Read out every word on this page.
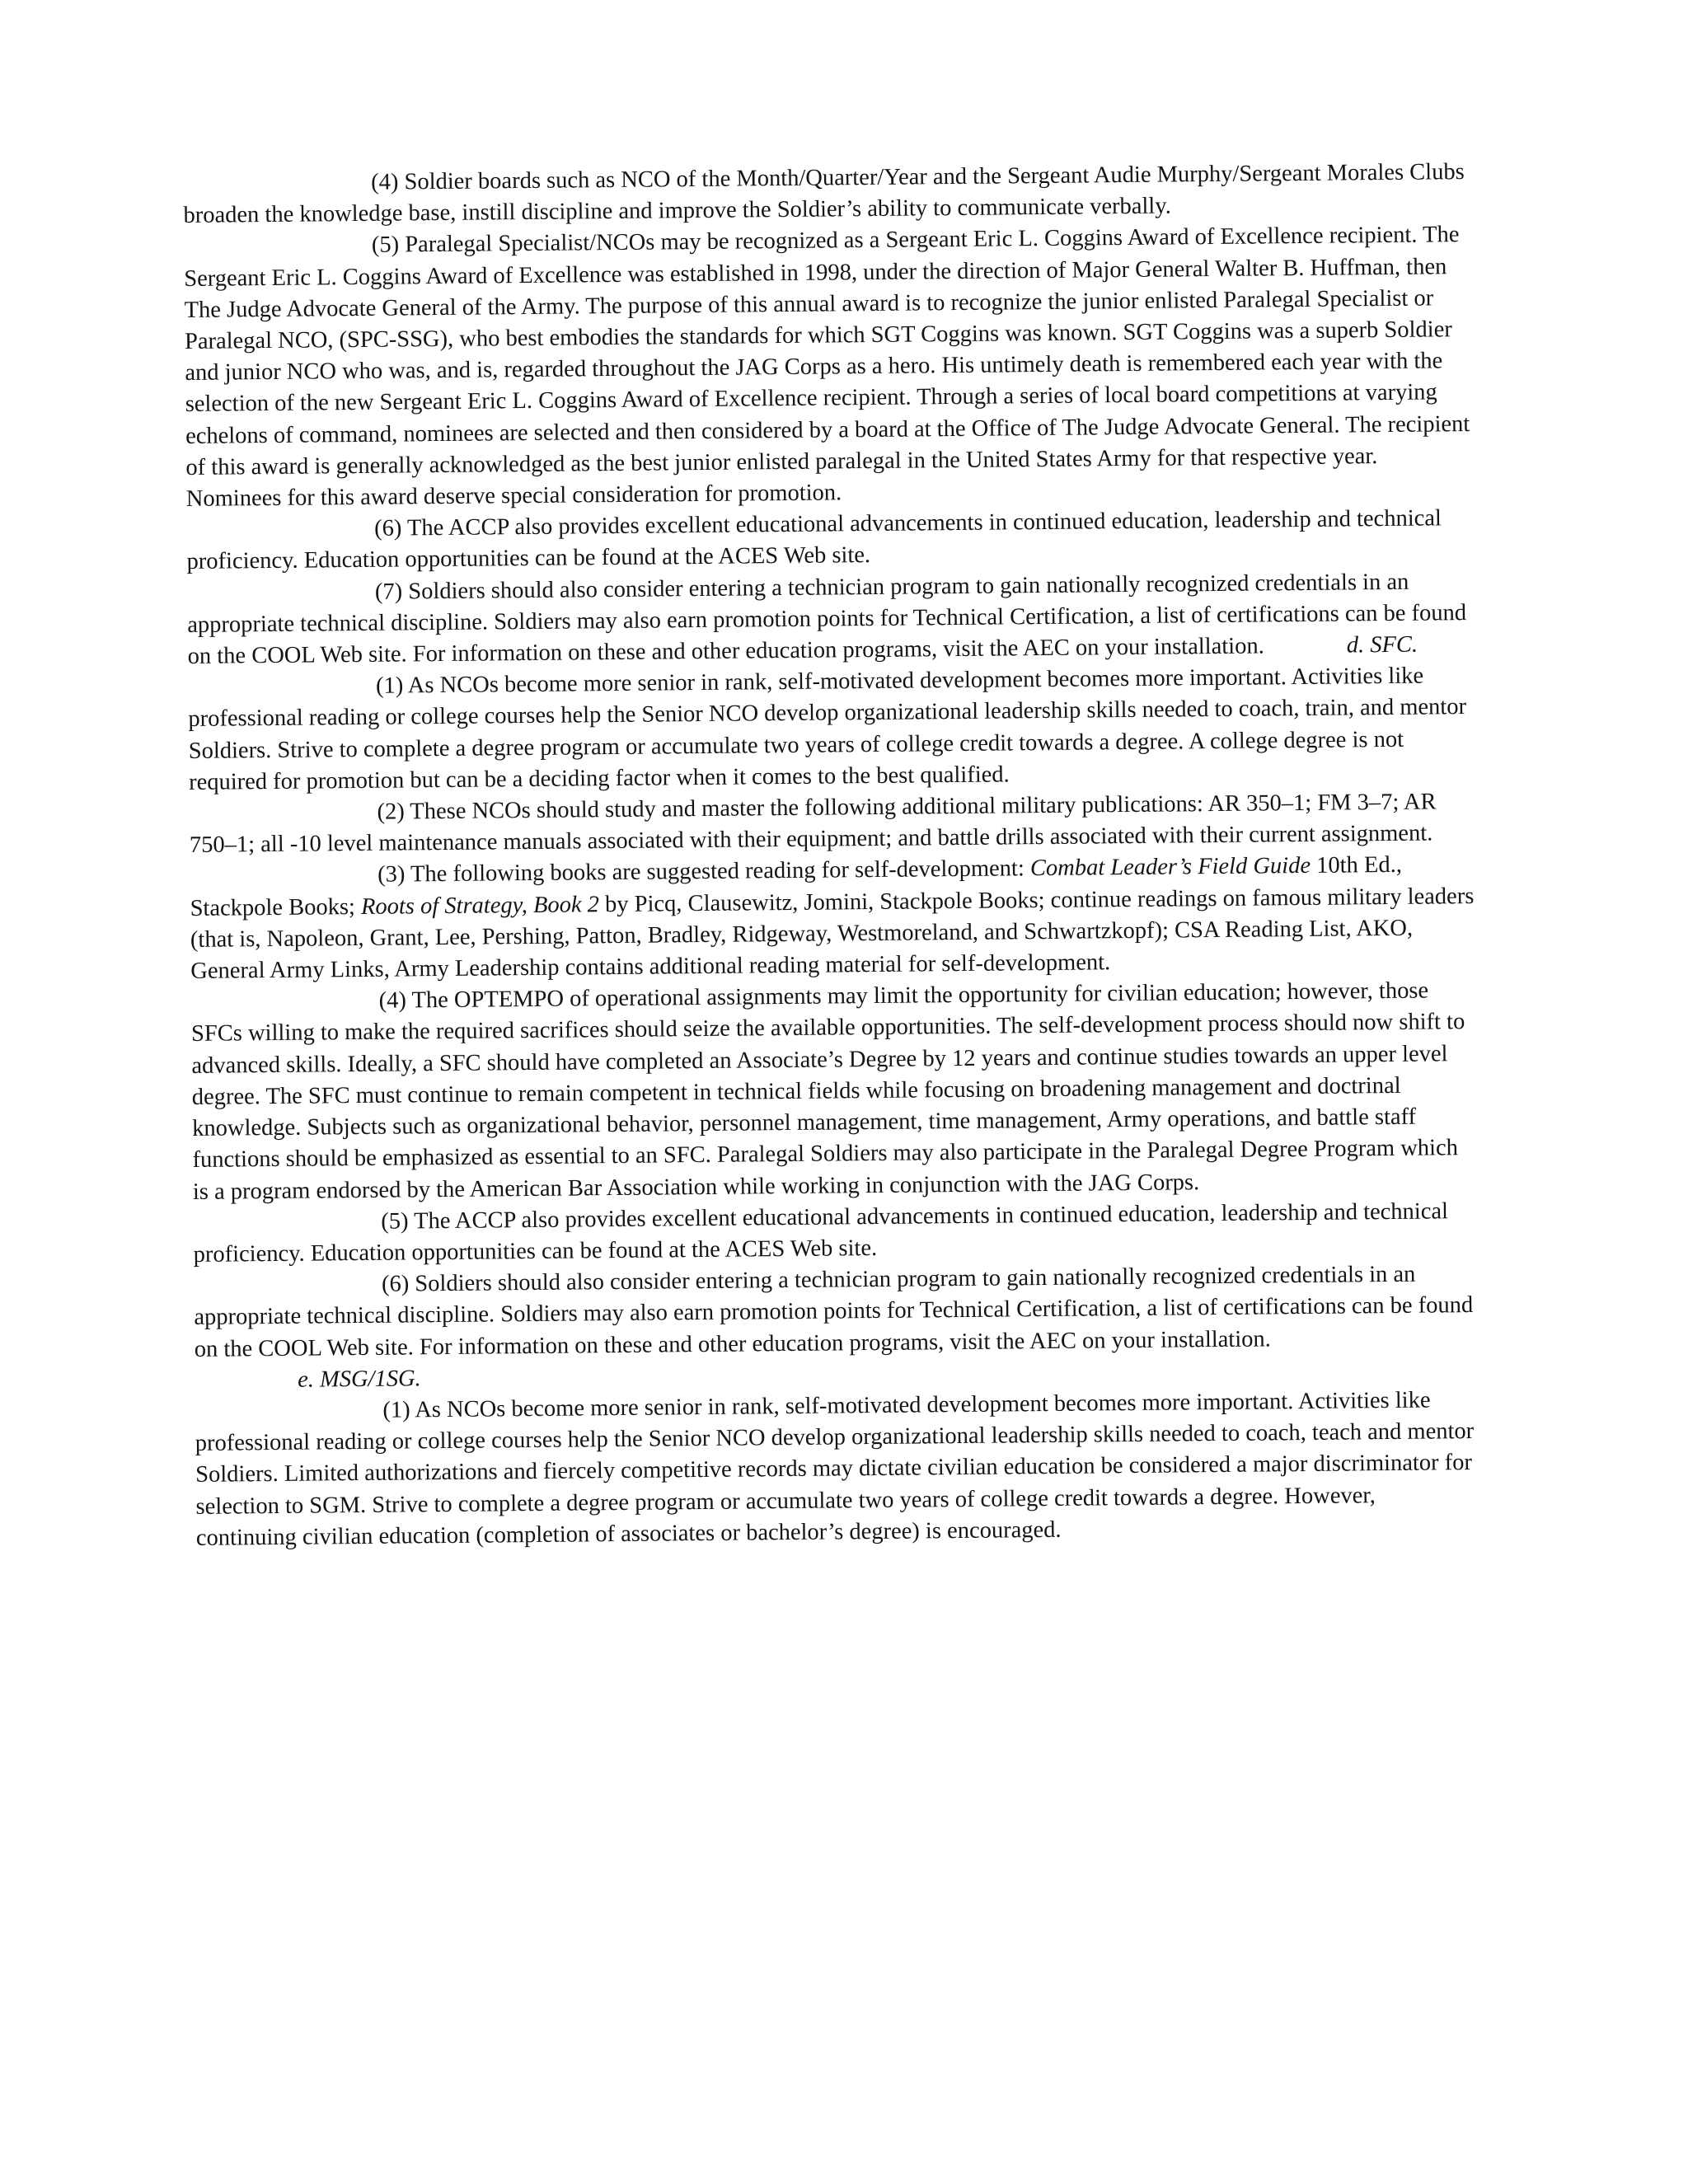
(4) Soldier boards such as NCO of the Month/Quarter/Year and the Sergeant Audie Murphy/Sergeant Morales Clubs broaden the knowledge base, instill discipline and improve the Soldier’s ability to communicate verbally.

(5) Paralegal Specialist/NCOs may be recognized as a Sergeant Eric L. Coggins Award of Excellence recipient. The Sergeant Eric L. Coggins Award of Excellence was established in 1998, under the direction of Major General Walter B. Huffman, then The Judge Advocate General of the Army. The purpose of this annual award is to recognize the junior enlisted Paralegal Specialist or Paralegal NCO, (SPC-SSG), who best embodies the standards for which SGT Coggins was known. SGT Coggins was a superb Soldier and junior NCO who was, and is, regarded throughout the JAG Corps as a hero. His untimely death is remembered each year with the selection of the new Sergeant Eric L. Coggins Award of Excellence recipient. Through a series of local board competitions at varying echelons of command, nominees are selected and then considered by a board at the Office of The Judge Advocate General. The recipient of this award is generally acknowledged as the best junior enlisted paralegal in the United States Army for that respective year. Nominees for this award deserve special consideration for promotion.

(6) The ACCP also provides excellent educational advancements in continued education, leadership and technical proficiency. Education opportunities can be found at the ACES Web site.

(7) Soldiers should also consider entering a technician program to gain nationally recognized credentials in an appropriate technical discipline. Soldiers may also earn promotion points for Technical Certification, a list of certifications can be found on the COOL Web site. For information on these and other education programs, visit the AEC on your installation.	d. SFC.

(1) As NCOs become more senior in rank, self-motivated development becomes more important. Activities like professional reading or college courses help the Senior NCO develop organizational leadership skills needed to coach, train, and mentor Soldiers. Strive to complete a degree program or accumulate two years of college credit towards a degree. A college degree is not required for promotion but can be a deciding factor when it comes to the best qualified.

(2) These NCOs should study and master the following additional military publications: AR 350–1; FM 3–7; AR 750–1; all -10 level maintenance manuals associated with their equipment; and battle drills associated with their current assignment.

(3) The following books are suggested reading for self-development: Combat Leader’s Field Guide 10th Ed., Stackpole Books; Roots of Strategy, Book 2 by Picq, Clausewitz, Jomini, Stackpole Books; continue readings on famous military leaders (that is, Napoleon, Grant, Lee, Pershing, Patton, Bradley, Ridgeway, Westmoreland, and Schwartzkopf); CSA Reading List, AKO, General Army Links, Army Leadership contains additional reading material for self-development.

(4) The OPTEMPO of operational assignments may limit the opportunity for civilian education; however, those SFCs willing to make the required sacrifices should seize the available opportunities. The self-development process should now shift to advanced skills. Ideally, a SFC should have completed an Associate’s Degree by 12 years and continue studies towards an upper level degree. The SFC must continue to remain competent in technical fields while focusing on broadening management and doctrinal knowledge. Subjects such as organizational behavior, personnel management, time management, Army operations, and battle staff functions should be emphasized as essential to an SFC. Paralegal Soldiers may also participate in the Paralegal Degree Program which is a program endorsed by the American Bar Association while working in conjunction with the JAG Corps.

(5) The ACCP also provides excellent educational advancements in continued education, leadership and technical proficiency. Education opportunities can be found at the ACES Web site.

(6) Soldiers should also consider entering a technician program to gain nationally recognized credentials in an appropriate technical discipline. Soldiers may also earn promotion points for Technical Certification, a list of certifications can be found on the COOL Web site. For information on these and other education programs, visit the AEC on your installation.

e. MSG/1SG.

(1) As NCOs become more senior in rank, self-motivated development becomes more important. Activities like professional reading or college courses help the Senior NCO develop organizational leadership skills needed to coach, teach and mentor Soldiers. Limited authorizations and fiercely competitive records may dictate civilian education be considered a major discriminator for selection to SGM. Strive to complete a degree program or accumulate two years of college credit towards a degree. However, continuing civilian education (completion of associates or bachelor’s degree) is encouraged.
